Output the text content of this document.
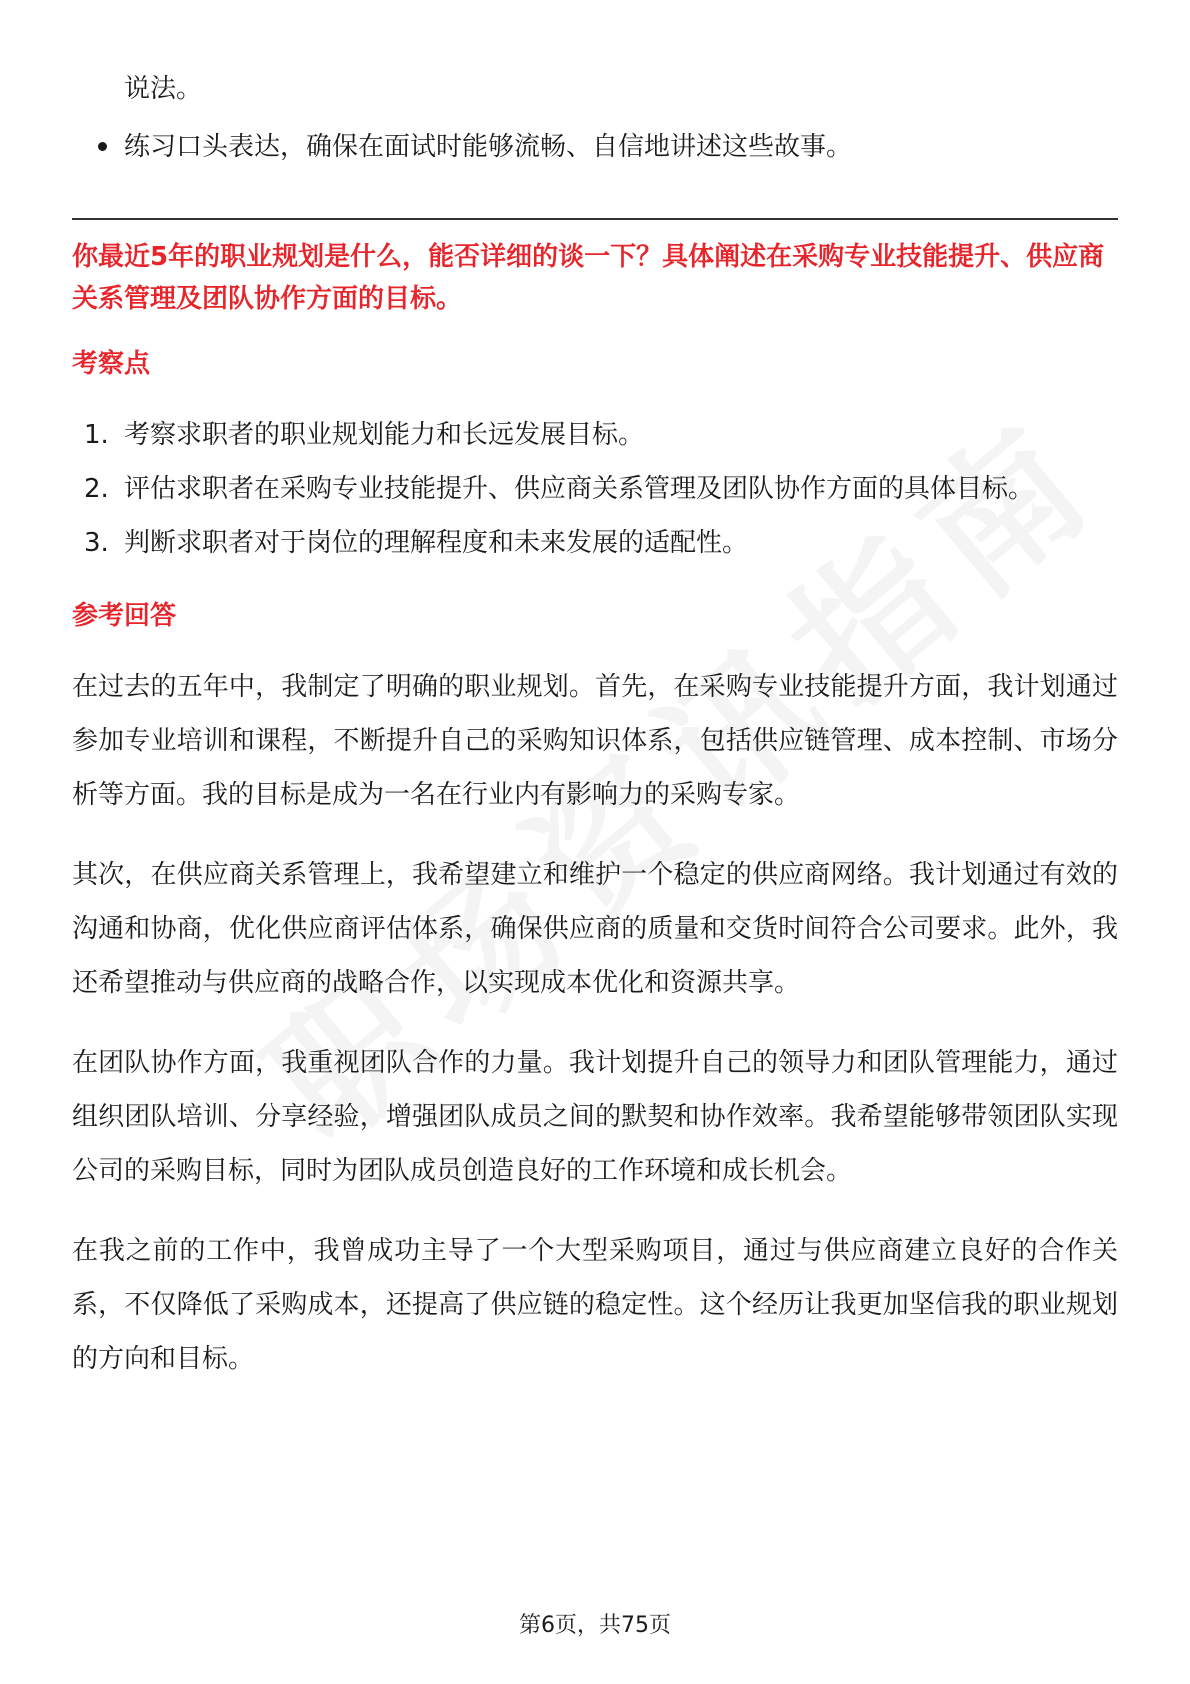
说法。

练习口头表达，确保在面试时能够流畅、自信地讲述这些故事。

你最近5年的职业规划是什么，能否详细的谈一下？具体阐述在采购专业技能提升、供应商关系管理及团队协作方面的目标。

考察点
1. 考察求职者的职业规划能力和长远发展目标。
2. 评估求职者在采购专业技能提升、供应商关系管理及团队协作方面的具体目标。
3. 判断求职者对于岗位的理解程度和未来发展的适配性。
参考回答

在过去的五年中，我制定了明确的职业规划。首先，在采购专业技能提升方面，我计划通过参加专业培训和课程，不断提升自己的采购知识体系，包括供应链管理、成本控制、市场分析等方面。我的目标是成为一名在行业内有影响力的采购专家。

其次，在供应商关系管理上，我希望建立和维护一个稳定的供应商网络。我计划通过有效的沟通和协商，优化供应商评估体系，确保供应商的质量和交货时间符合公司要求。此外，我还希望推动与供应商的战略合作，以实现成本优化和资源共享。

在团队协作方面，我重视团队合作的力量。我计划提升自己的领导力和团队管理能力，通过组织团队培训、分享经验，增强团队成员之间的默契和协作效率。我希望能够带领团队实现公司的采购目标，同时为团队成员创造良好的工作环境和成长机会。

在我之前的工作中，我曾成功主导了一个大型采购项目，通过与供应商建立良好的合作关系，不仅降低了采购成本，还提高了供应链的稳定性。这个经历让我更加坚信我的职业规划的方向和目标。

第6页，共75页
